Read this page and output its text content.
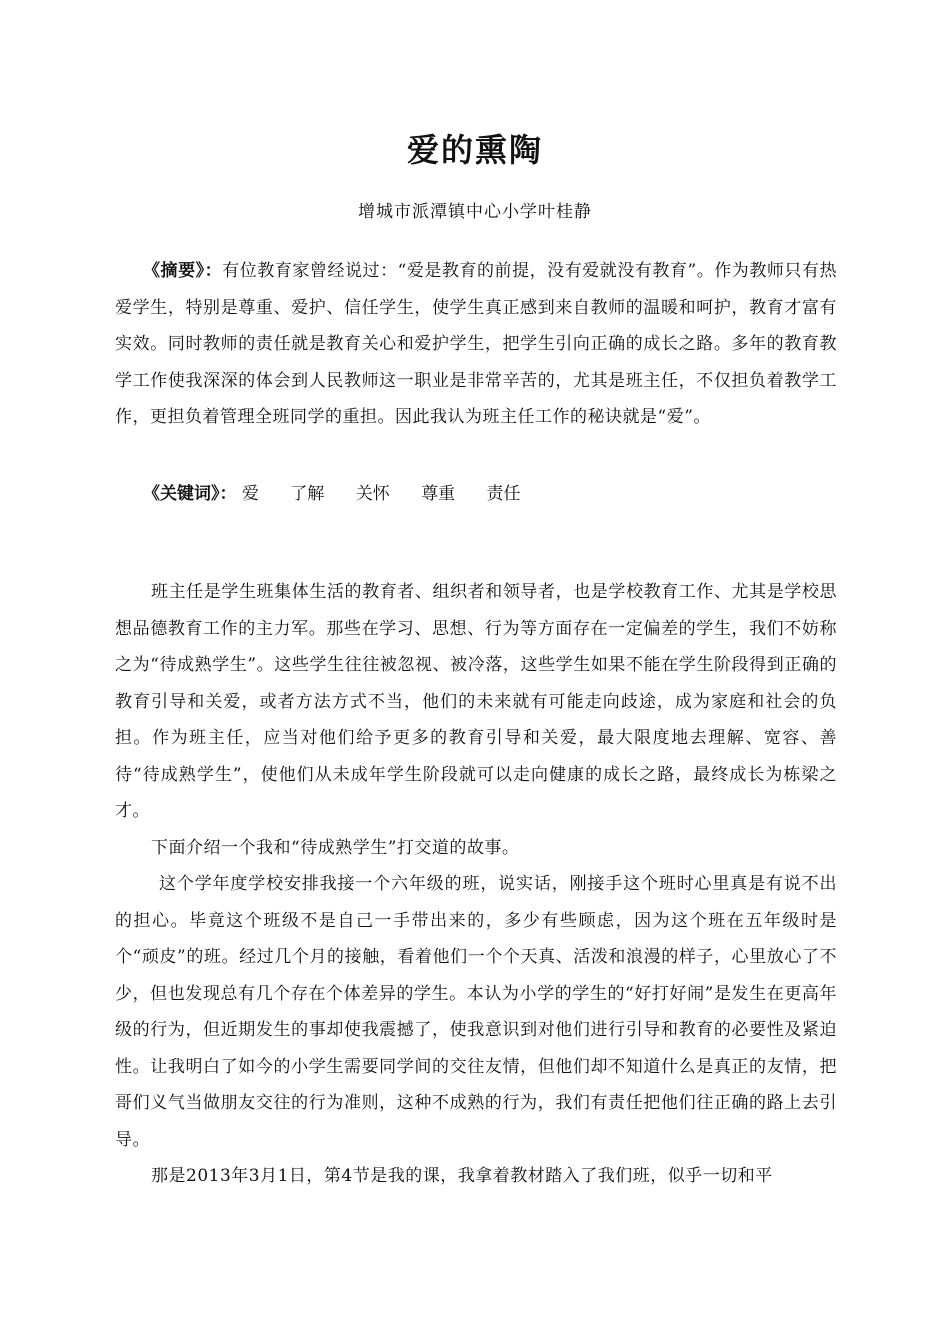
爱的熏陶
增城市派潭镇中心小学叶桂静
《摘要》：有位教育家曾经说过：“爱是教育的前提，没有爱就没有教育”。作为教师只有热爱学生，特别是尊重、爱护、信任学生，使学生真正感到来自教师的温暖和呵护，教育才富有实效。同时教师的责任就是教育关心和爱护学生，把学生引向正确的成长之路。多年的教育教学工作使我深深的体会到人民教师这一职业是非常辛苦的，尤其是班主任，不仅担负着教学工作，更担负着管理全班同学的重担。因此我认为班主任工作的秘诀就是“爱”。
《关键词》： 爱 了解 关怀 尊重 责任

班主任是学生班集体生活的教育者、组织者和领导者，也是学校教育工作、尤其是学校思想品德教育工作的主力军。那些在学习、思想、行为等方面存在一定偏差的学生，我们不妨称之为“待成熟学生”。这些学生往往被忽视、被冷落，这些学生如果不能在学生阶段得到正确的教育引导和关爱，或者方法方式不当，他们的未来就有可能走向歧途，成为家庭和社会的负担。作为班主任，应当对他们给予更多的教育引导和关爱，最大限度地去理解、宽容、善待“待成熟学生”，使他们从未成年学生阶段就可以走向健康的成长之路，最终成长为栋梁之才。

下面介绍一个我和“待成熟学生”打交道的故事。

这个学年度学校安排我接一个六年级的班，说实话，刚接手这个班时心里真是有说不出的担心。毕竟这个班级不是自己一手带出来的，多少有些顾虑，因为这个班在五年级时是个“顽皮”的班。经过几个月的接触，看着他们一个个天真、活泼和浪漫的样子，心里放心了不少，但也发现总有几个存在个体差异的学生。本认为小学的学生的“好打好闹”是发生在更高年级的行为，但近期发生的事却使我震撼了，使我意识到对他们进行引导和教育的必要性及紧迫性。让我明白了如今的小学生需要同学间的交往友情，但他们却不知道什么是真正的友情，把哥们义气当做朋友交往的行为准则，这种不成熟的行为，我们有责任把他们往正确的路上去引导。

那是2013年3月1日，第4节是我的课，我拿着教材踏入了我们班，似乎一切和平
